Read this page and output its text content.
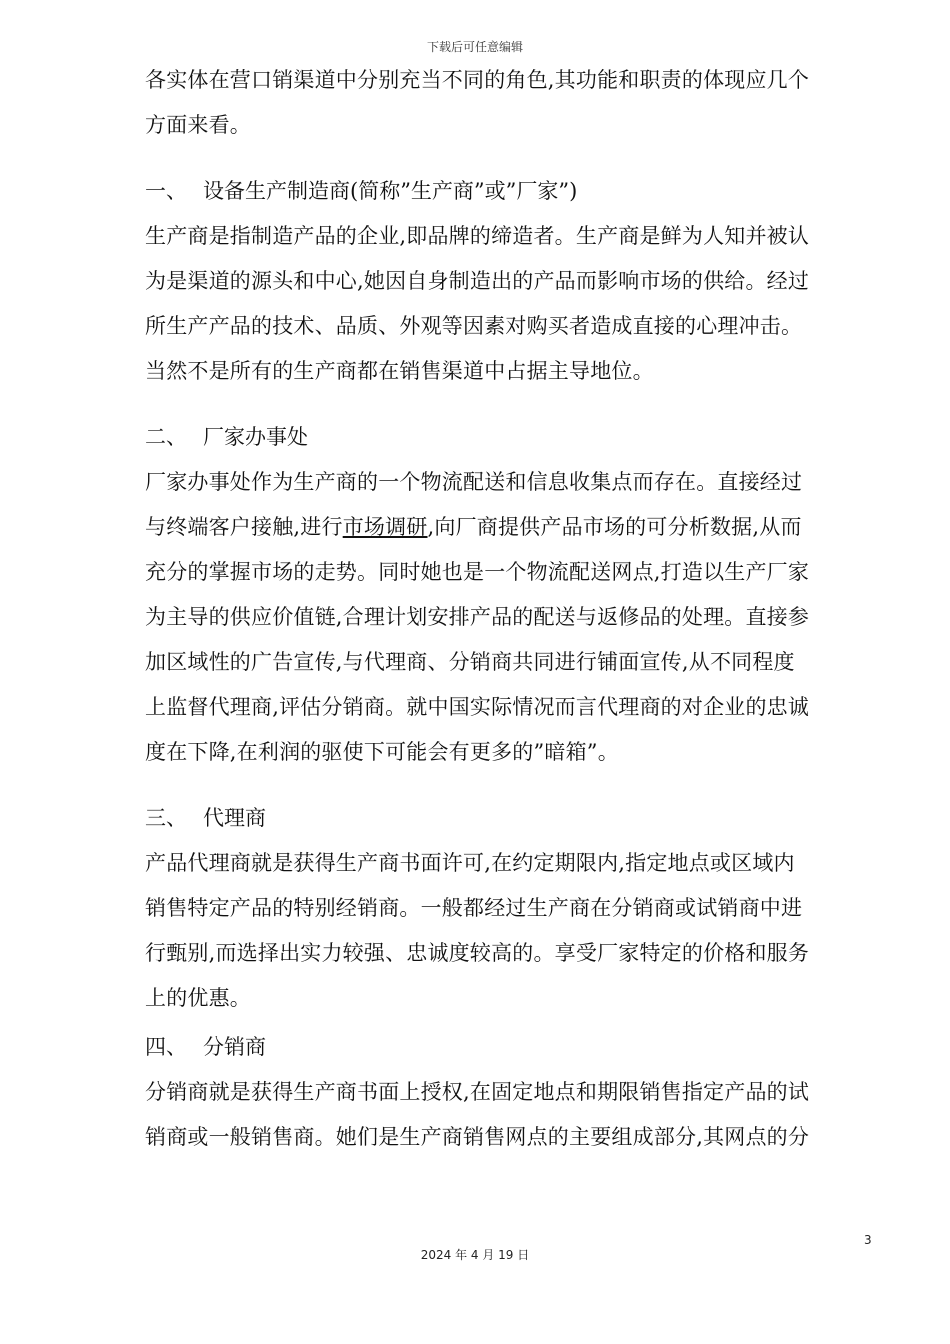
下载后可任意编辑
各实体在营口销渠道中分别充当不同的角色,其功能和职责的体现应几个
方面来看。
一、 设备生产制造商(简称”生产商”或”厂家”)
生产商是指制造产品的企业,即品牌的缔造者。生产商是鲜为人知并被认
为是渠道的源头和中心,她因自身制造出的产品而影响市场的供给。经过
所生产产品的技术、品质、外观等因素对购买者造成直接的心理冲击。
当然不是所有的生产商都在销售渠道中占据主导地位。
二、 厂家办事处
厂家办事处作为生产商的一个物流配送和信息收集点而存在。直接经过
与终端客户接触,进行市场调研,向厂商提供产品市场的可分析数据,从而
充分的掌握市场的走势。同时她也是一个物流配送网点,打造以生产厂家
为主导的供应价值链,合理计划安排产品的配送与返修品的处理。直接参
加区域性的广告宣传,与代理商、分销商共同进行铺面宣传,从不同程度
上监督代理商,评估分销商。就中国实际情况而言代理商的对企业的忠诚
度在下降,在利润的驱使下可能会有更多的”暗箱”。
三、 代理商
产品代理商就是获得生产商书面许可,在约定期限内,指定地点或区域内
销售特定产品的特别经销商。一般都经过生产商在分销商或试销商中进
行甄别,而选择出实力较强、忠诚度较高的。享受厂家特定的价格和服务
上的优惠。
四、 分销商
分销商就是获得生产商书面上授权,在固定地点和期限销售指定产品的试
销商或一般销售商。她们是生产商销售网点的主要组成部分,其网点的分
3
2024 年 4 月 19 日
